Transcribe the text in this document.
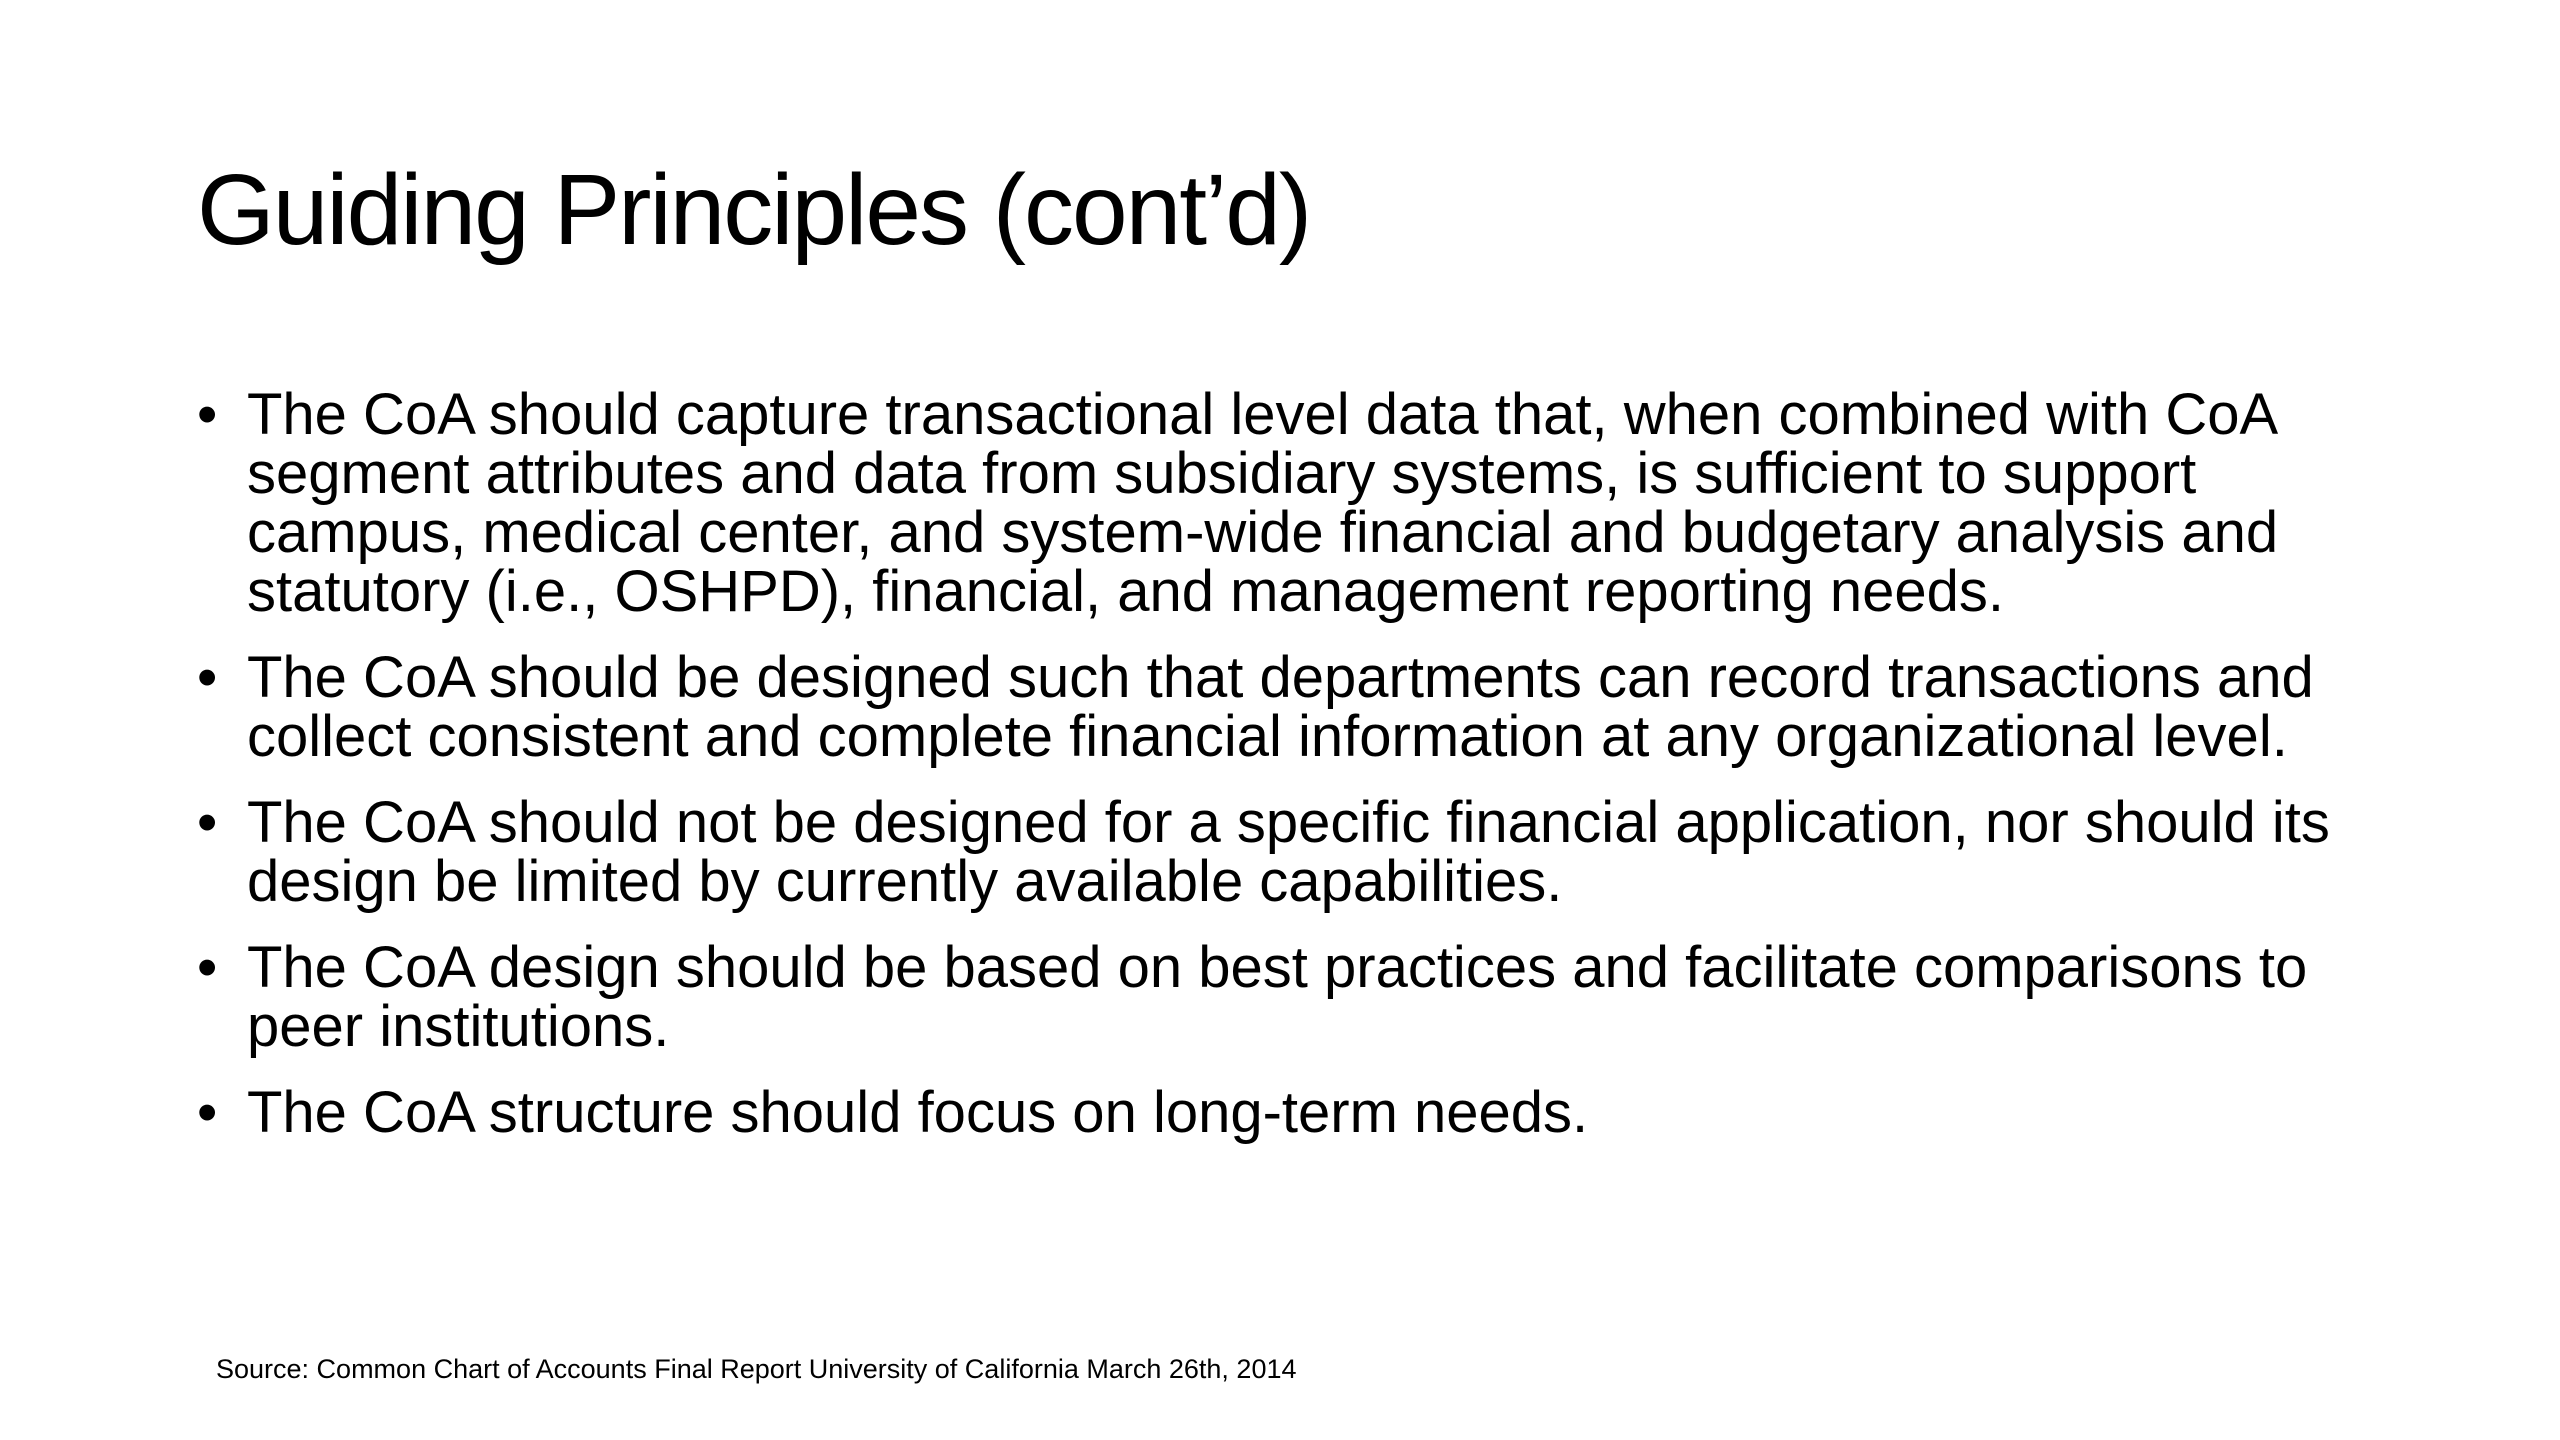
Guiding Principles (cont’d)
• The CoA should capture transactional level data that, when combined with CoA segment attributes and data from subsidiary systems, is sufficient to support campus, medical center, and system-wide financial and budgetary analysis and statutory (i.e., OSHPD), financial, and management reporting needs.
• The CoA should be designed such that departments can record transactions and collect consistent and complete financial information at any organizational level.
• The CoA should not be designed for a specific financial application, nor should its design be limited by currently available capabilities.
• The CoA design should be based on best practices and facilitate comparisons to peer institutions.
• The CoA structure should focus on long-term needs.
Source: Common Chart of Accounts Final Report University of California March 26th, 2014
